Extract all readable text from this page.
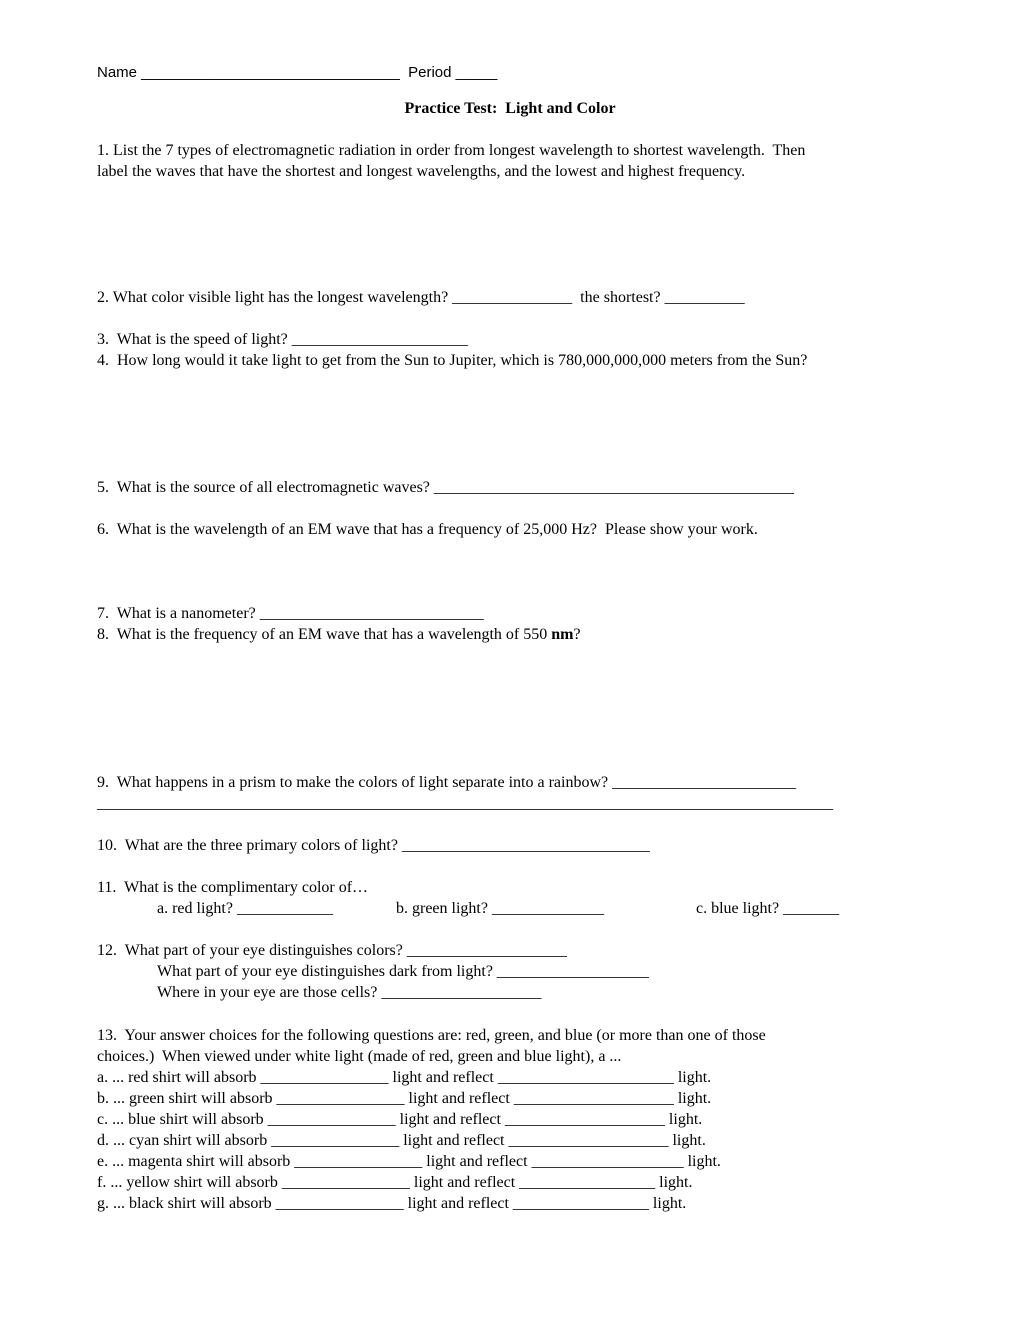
Name _______________________________  Period _____
Practice Test:  Light and Color
1. List the 7 types of electromagnetic radiation in order from longest wavelength to shortest wavelength.  Then
label the waves that have the shortest and longest wavelengths, and the lowest and highest frequency.
2. What color visible light has the longest wavelength? _______________  the shortest? __________
3.  What is the speed of light? ______________________
4.  How long would it take light to get from the Sun to Jupiter, which is 780,000,000,000 meters from the Sun?
5.  What is the source of all electromagnetic waves? _____________________________________________
6.  What is the wavelength of an EM wave that has a frequency of 25,000 Hz?  Please show your work.
7.  What is a nanometer? ____________________________
8.  What is the frequency of an EM wave that has a wavelength of 550 nm?
9.  What happens in a prism to make the colors of light separate into a rainbow? _______________________
____________________________________________________________________________________________
10.  What are the three primary colors of light? _______________________________
11.  What is the complimentary color of…
a. red light? ____________	b. green light? ______________	c. blue light? _______
12.  What part of your eye distinguishes colors? ____________________
What part of your eye distinguishes dark from light? ___________________
Where in your eye are those cells? ____________________
13.  Your answer choices for the following questions are: red, green, and blue (or more than one of those
choices.)  When viewed under white light (made of red, green and blue light), a ...
a. ... red shirt will absorb ________________ light and reflect ______________________ light.
b. ... green shirt will absorb ________________ light and reflect ____________________ light.
c. ... blue shirt will absorb ________________ light and reflect ____________________ light.
d. ... cyan shirt will absorb ________________ light and reflect ____________________ light.
e. ... magenta shirt will absorb ________________ light and reflect ___________________ light.
f. ... yellow shirt will absorb ________________ light and reflect _________________ light.
g. ... black shirt will absorb ________________ light and reflect _________________ light.
